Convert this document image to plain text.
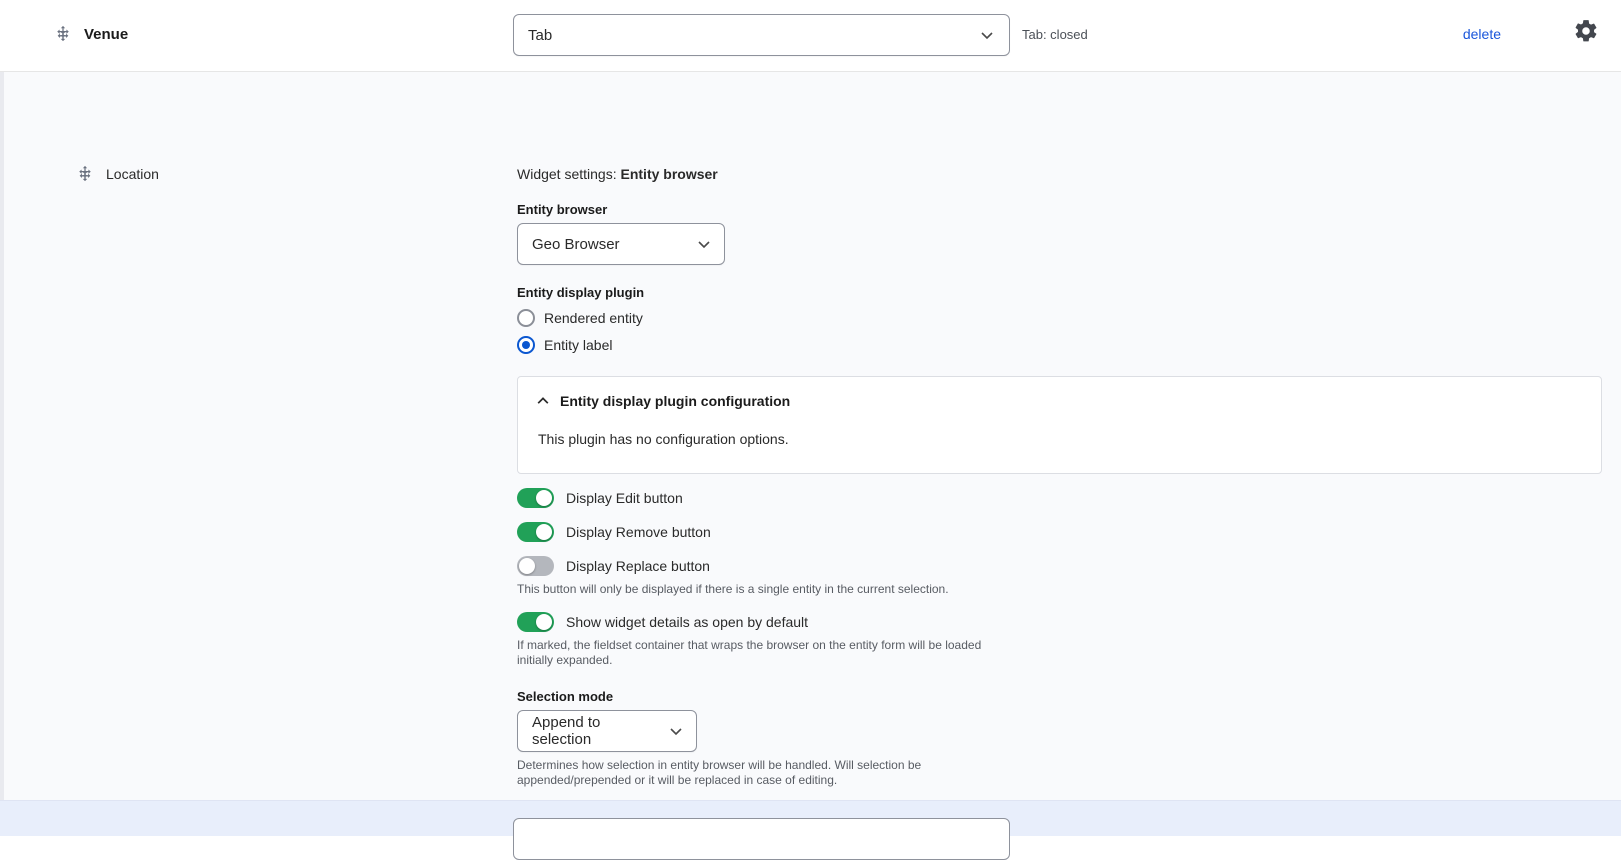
Venue	Tab	Tab: closed	delete
Location	Widget settings: Entity browser
Entity browser
Geo Browser
Entity display plugin
Rendered entity
Entity label
Entity display plugin configuration
This plugin has no configuration options.
Display Edit button
Display Remove button
Display Replace button
This button will only be displayed if there is a single entity in the current selection.
Show widget details as open by default
If marked, the fieldset container that wraps the browser on the entity form will be loaded initially expanded.
Selection mode
Append to selection
Determines how selection in entity browser will be handled. Will selection be appended/prepended or it will be replaced in case of editing.
